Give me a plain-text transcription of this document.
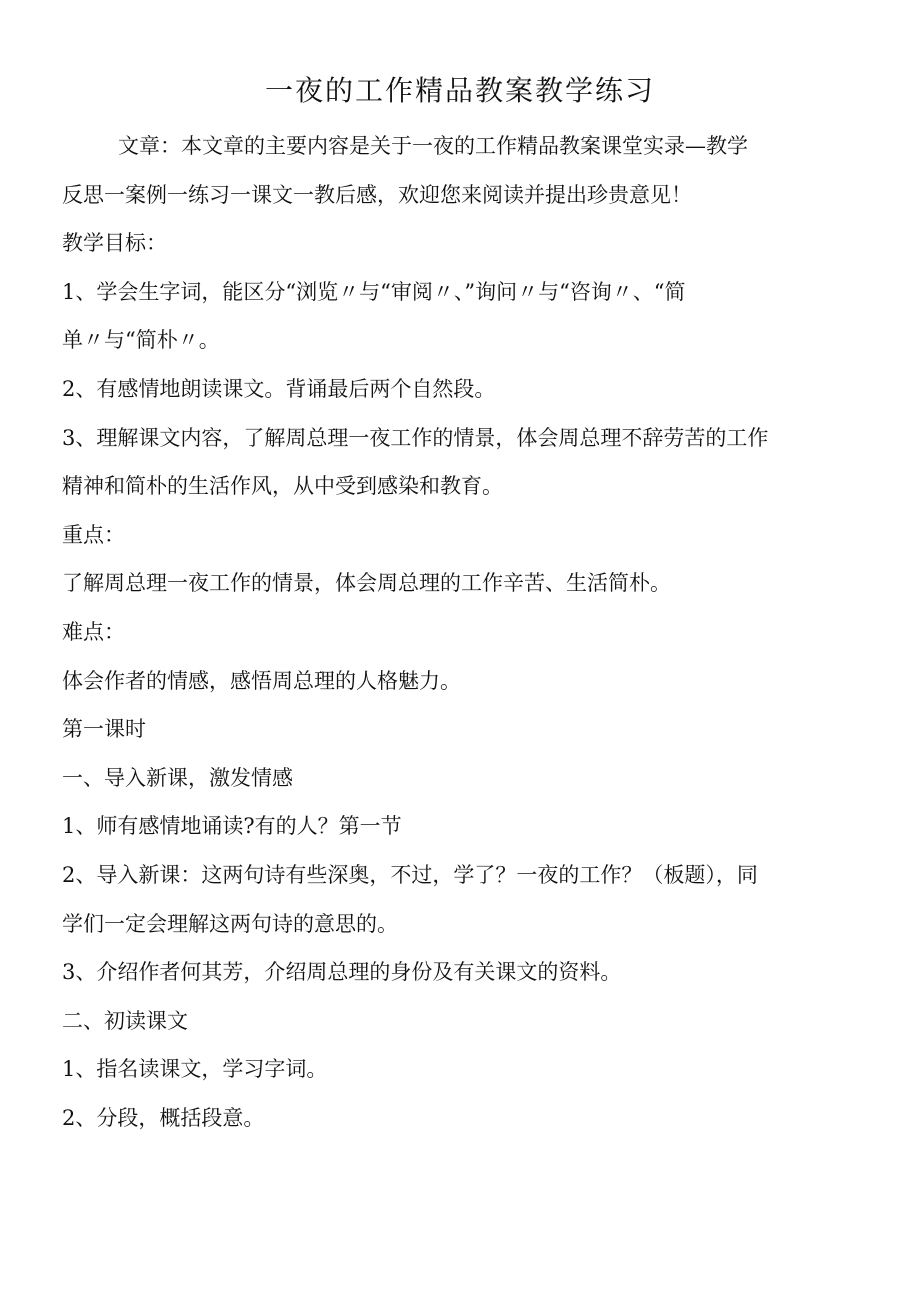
一夜的工作精品教案教学练习

文章：本文章的主要内容是关于一夜的工作精品教案课堂实录—教学

反思一案例一练习一课文一教后感，欢迎您来阅读并提出珍贵意见！

教学目标：

1、学会生字词，能区分“浏览〃与“审阅〃、”询问〃与“咨询〃、“简

单〃与“简朴〃。

2、有感情地朗读课文。背诵最后两个自然段。

3、理解课文内容，了解周总理一夜工作的情景，体会周总理不辞劳苦的工作

精神和简朴的生活作风，从中受到感染和教育。

重点：

了解周总理一夜工作的情景，体会周总理的工作辛苦、生活简朴。

难点：

体会作者的情感，感悟周总理的人格魅力。

第一课时

一、导入新课，激发情感

1、师有感情地诵读?有的人？第一节

2、导入新课：这两句诗有些深奥，不过，学了？一夜的工作？（板题），同

学们一定会理解这两句诗的意思的。

3、介绍作者何其芳，介绍周总理的身份及有关课文的资料。

二、初读课文

1、指名读课文，学习字词。

2、分段，概括段意。
